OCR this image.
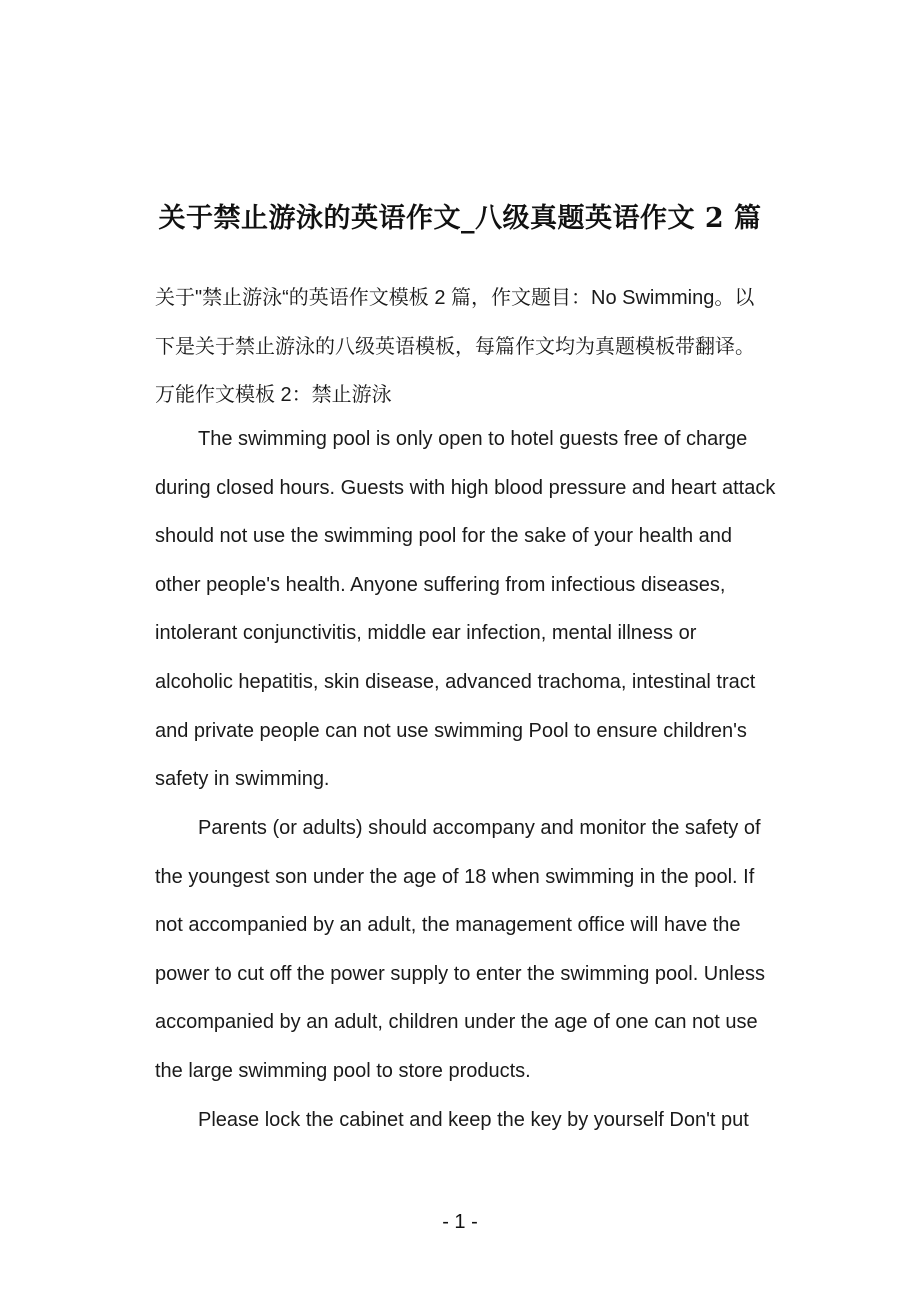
关于禁止游泳的英语作文_八级真题英语作文 2 篇
关于"禁止游泳“的英语作文模板 2 篇，作文题目：No Swimming。以
下是关于禁止游泳的八级英语模板，每篇作文均为真题模板带翻译。
万能作文模板 2：禁止游泳
The swimming pool is only open to hotel guests free of charge
during closed hours. Guests with high blood pressure and heart attack
should not use the swimming pool for the sake of your health and
other people's health. Anyone suffering from infectious diseases,
intolerant conjunctivitis, middle ear infection, mental illness or
alcoholic hepatitis, skin disease, advanced trachoma, intestinal tract
and private people can not use swimming Pool to ensure children's
safety in swimming.
Parents (or adults) should accompany and monitor the safety of
the youngest son under the age of 18 when swimming in the pool. If
not accompanied by an adult, the management office will have the
power to cut off the power supply to enter the swimming pool. Unless
accompanied by an adult, children under the age of one can not use
the large swimming pool to store products.
Please lock the cabinet and keep the key by yourself Don't put
- 1 -
